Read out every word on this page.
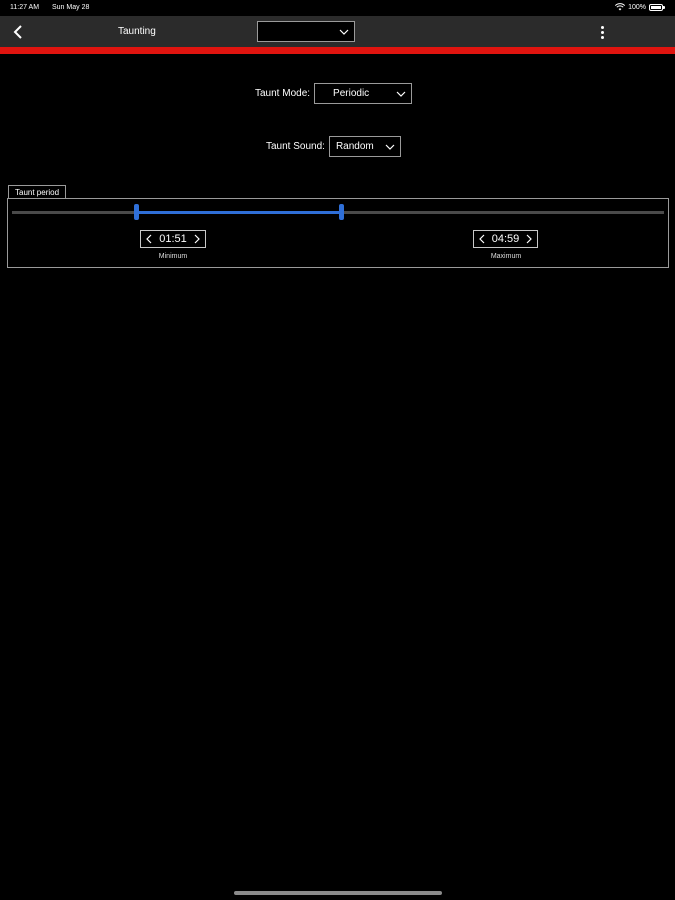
11:27 AM Sun May 28	100%
Taunting
Taunt Mode: Periodic
Taunt Sound: Random
Taunt period
01:51
Minimum
04:59
Maximum
